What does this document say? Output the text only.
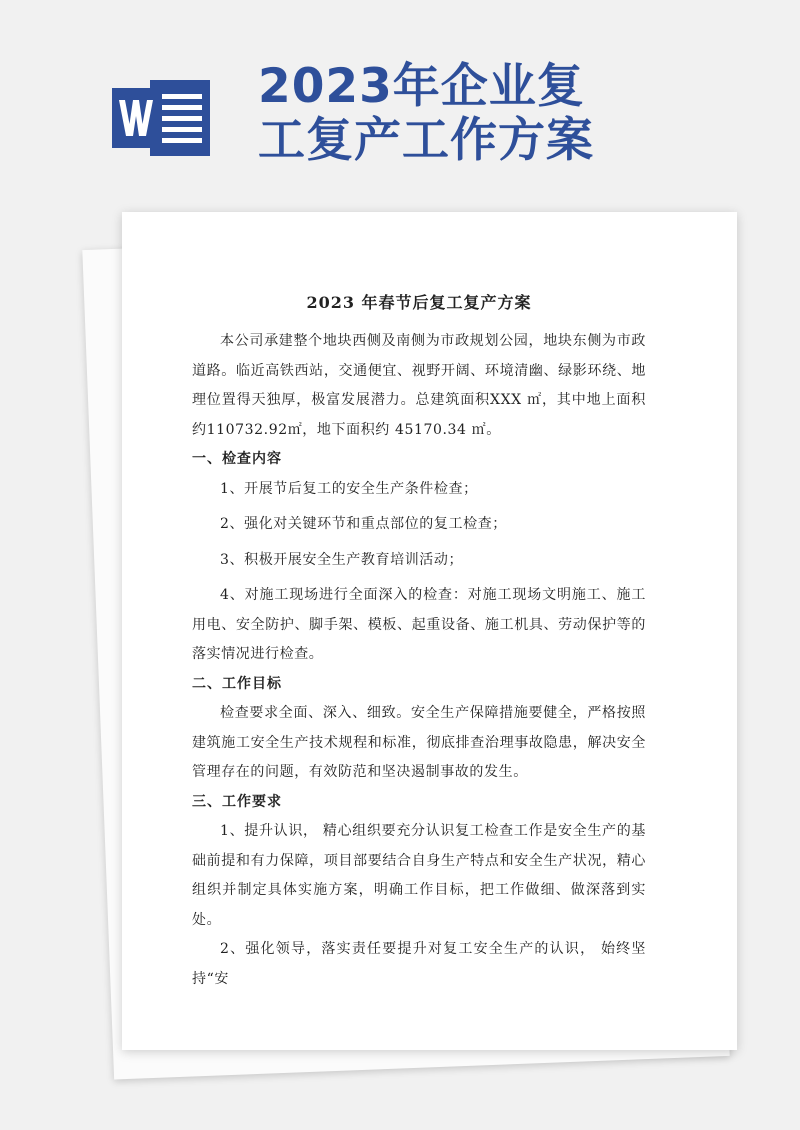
2023年企业复
工复产工作方案
2023 年春节后复工复产方案

本公司承建整个地块西侧及南侧为市政规划公园，地块东侧为市政道路。临近高铁西站，交通便宜、视野开阔、环境清幽、绿影环绕、地理位置得天独厚，极富发展潜力。总建筑面积XXX ㎡，其中地上面积约110732.92㎡，地下面积约 45170.34 ㎡。

一、检查内容

1、开展节后复工的安全生产条件检查；

2、强化对关键环节和重点部位的复工检查；

3、积极开展安全生产教育培训活动；

4、对施工现场进行全面深入的检查：对施工现场文明施工、施工用电、安全防护、脚手架、模板、起重设备、施工机具、劳动保护等的落实情况进行检查。

二、工作目标

检查要求全面、深入、细致。安全生产保障措施要健全，严格按照建筑施工安全生产技术规程和标准，彻底排查治理事故隐患，解决安全管理存在的问题，有效防范和坚决遏制事故的发生。

三、工作要求

1、提升认识， 精心组织要充分认识复工检查工作是安全生产的基础前提和有力保障，项目部要结合自身生产特点和安全生产状况，精心组织并制定具体实施方案，明确工作目标，把工作做细、做深落到实处。

2、强化领导，落实责任要提升对复工安全生产的认识， 始终坚持“安
